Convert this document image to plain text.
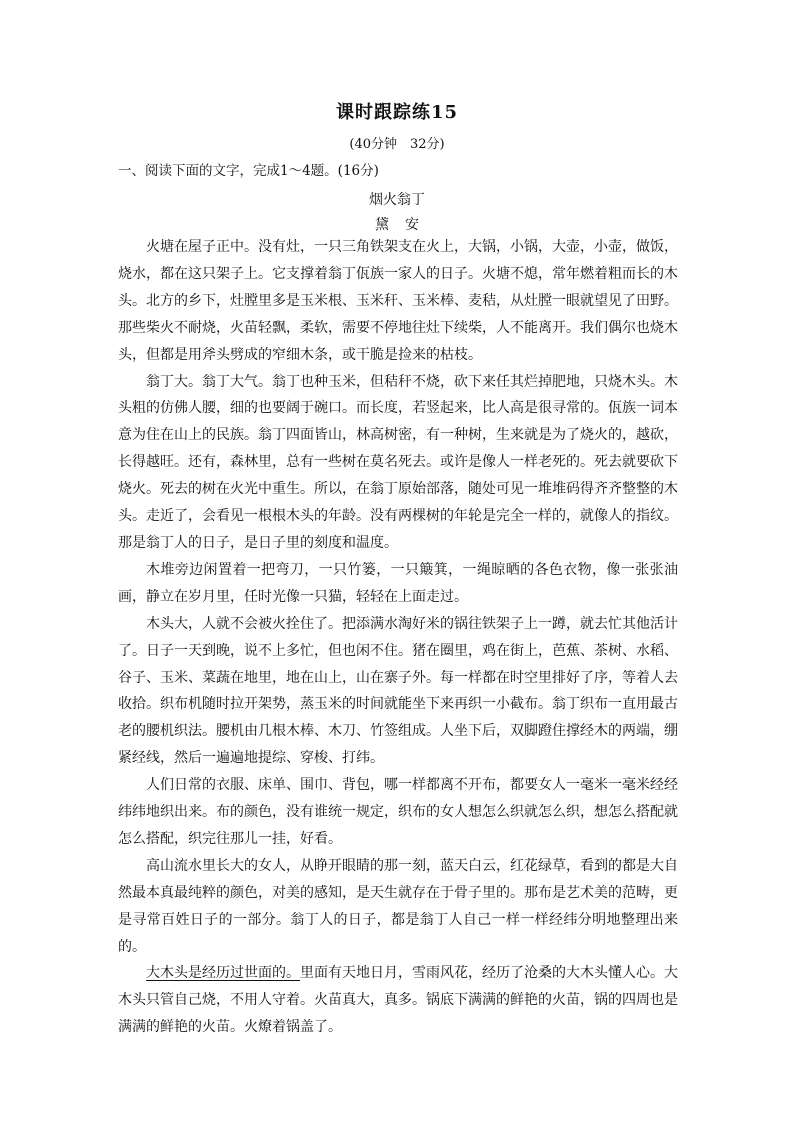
课时跟踪练15
(40分钟　32分)
一、阅读下面的文字，完成1～4题。(16分)
烟火翁丁
黛安

火塘在屋子正中。没有灶，一只三角铁架支在火上，大锅，小锅，大壶，小壶，做饭，烧水，都在这只架子上。它支撑着翁丁佤族一家人的日子。火塘不熄，常年燃着粗而长的木头。北方的乡下，灶膛里多是玉米根、玉米秆、玉米棒、麦秸，从灶膛一眼就望见了田野。那些柴火不耐烧，火苗轻飘，柔软，需要不停地往灶下续柴，人不能离开。我们偶尔也烧木头，但都是用斧头劈成的窄细木条，或干脆是捡来的枯枝。

翁丁大。翁丁大气。翁丁也种玉米，但秸秆不烧，砍下来任其烂掉肥地，只烧木头。木头粗的仿佛人腰，细的也要阔于碗口。而长度，若竖起来，比人高是很寻常的。佤族一词本意为住在山上的民族。翁丁四面皆山，林高树密，有一种树，生来就是为了烧火的，越砍，长得越旺。还有，森林里，总有一些树在莫名死去。或许是像人一样老死的。死去就要砍下烧火。死去的树在火光中重生。所以，在翁丁原始部落，随处可见一堆堆码得齐齐整整的木头。走近了，会看见一根根木头的年龄。没有两棵树的年轮是完全一样的，就像人的指纹。那是翁丁人的日子，是日子里的刻度和温度。

木堆旁边闲置着一把弯刀，一只竹篓，一只簸箕，一绳晾晒的各色衣物，像一张张油画，静立在岁月里，任时光像一只猫，轻轻在上面走过。

木头大，人就不会被火拴住了。把添满水淘好米的锅往铁架子上一蹲，就去忙其他活计了。日子一天到晚，说不上多忙，但也闲不住。猪在圈里，鸡在街上，芭蕉、茶树、水稻、谷子、玉米、菜蔬在地里，地在山上，山在寨子外。每一样都在时空里排好了序，等着人去收拾。织布机随时拉开架势，蒸玉米的时间就能坐下来再织一小截布。翁丁织布一直用最古老的腰机织法。腰机由几根木棒、木刀、竹签组成。人坐下后，双脚蹬住撑经木的两端，绷紧经线，然后一遍遍地提综、穿梭、打纬。

人们日常的衣服、床单、围巾、背包，哪一样都离不开布，都要女人一毫米一毫米经经纬纬地织出来。布的颜色，没有谁统一规定，织布的女人想怎么织就怎么织，想怎么搭配就怎么搭配，织完往那儿一挂，好看。

高山流水里长大的女人，从睁开眼睛的那一刻，蓝天白云，红花绿草，看到的都是大自然最本真最纯粹的颜色，对美的感知，是天生就存在于骨子里的。那布是艺术美的范畴，更是寻常百姓日子的一部分。翁丁人的日子，都是翁丁人自己一样一样经纬分明地整理出来的。

大木头是经历过世面的。里面有天地日月，雪雨风花，经历了沧桑的大木头懂人心。大木头只管自己烧，不用人守着。火苗真大，真多。锅底下满满的鲜艳的火苗，锅的四周也是满满的鲜艳的火苗。火燎着锅盖了。
